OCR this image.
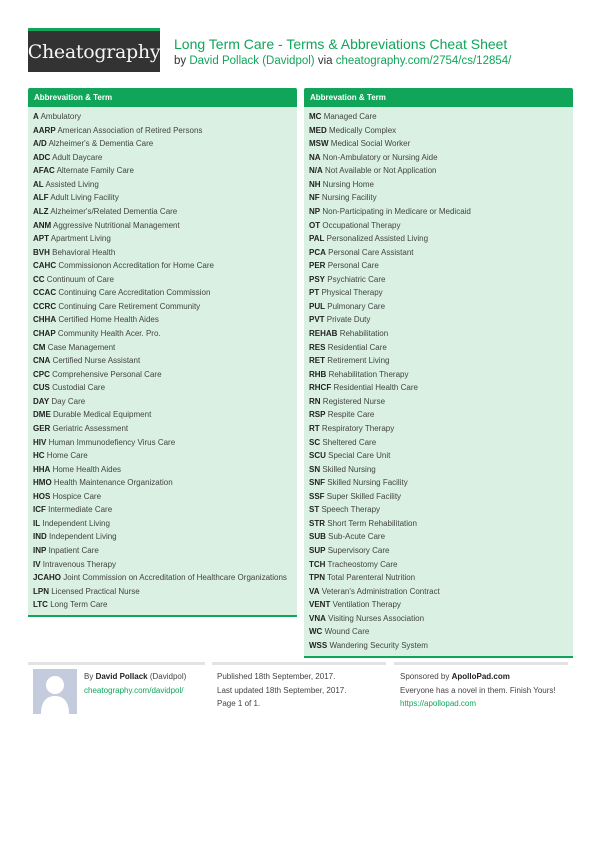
Cheatography Long Term Care - Terms & Abbreviations Cheat Sheet
by David Pollack (Davidpol) via cheatography.com/2754/cs/12854/
Abbrevaition & Term
A Ambulatory
AARP American Association of Retired Persons
A/D Alzheimer's & Dementia Care
ADC Adult Daycare
AFAC Alternate Family Care
AL Assisted Living
ALF Adult Living Facility
ALZ Alzheimer's/Related Dementia Care
ANM Aggressive Nutritional Management
APT Apartment Living
BVH Behavioral Health
CAHC Commissionon Accreditation for Home Care
CC Continuum of Care
CCAC Continuing Care Accreditation Commission
CCRC Continuing Care Retirement Community
CHHA Certified Home Health Aides
CHAP Community Health Acer. Pro.
CM Case Management
CNA Certified Nurse Assistant
CPC Comprehensive Personal Care
CUS Custodial Care
DAY Day Care
DME Durable Medical Equipment
GER Geriatric Assessment
HIV Human Immunodefiency Virus Care
HC Home Care
HHA Home Health Aides
HMO Health Maintenance Organization
HOS Hospice Care
ICF Intermediate Care
IL Independent Living
IND Independent Living
INP Inpatient Care
IV Intravenous Therapy
JCAHO Joint Commission on Accreditation of Healthcare Organizations
LPN Licensed Practical Nurse
LTC Long Term Care
Abbrevation & Term
MC Managed Care
MED Medically Complex
MSW Medical Social Worker
NA Non-Ambulatory or Nursing Aide
N/A Not Available or Not Application
NH Nursing Home
NF Nursing Facility
NP Non-Participating in Medicare or Medicaid
OT Occupational Therapy
PAL Personalized Assisted Living
PCA Personal Care Assistant
PER Personal Care
PSY Psychiatric Care
PT Physical Therapy
PUL Pulmonary Care
PVT Private Duty
REHAB Rehabilitation
RES Residential Care
RET Retirement Living
RHB Rehabilitation Therapy
RHCF Residential Health Care
RN Registered Nurse
RSP Respite Care
RT Respiratory Therapy
SC Sheltered Care
SCU Special Care Unit
SN Skilled Nursing
SNF Skilled Nursing Facility
SSF Super Skilled Facility
ST Speech Therapy
STR Short Term Rehabilitation
SUB Sub-Acute Care
SUP Supervisory Care
TCH Tracheostomy Care
TPN Total Parenteral Nutrition
VA Veteran's Administration Contract
VENT Ventilation Therapy
VNA Visiting Nurses Association
WC Wound Care
WSS Wandering Security System
By David Pollack (Davidpol)
cheatography.com/davidpol/
Published 18th September, 2017.
Last updated 18th September, 2017.
Page 1 of 1.
Sponsored by ApolloPad.com
Everyone has a novel in them. Finish Yours!
https://apollopad.com
